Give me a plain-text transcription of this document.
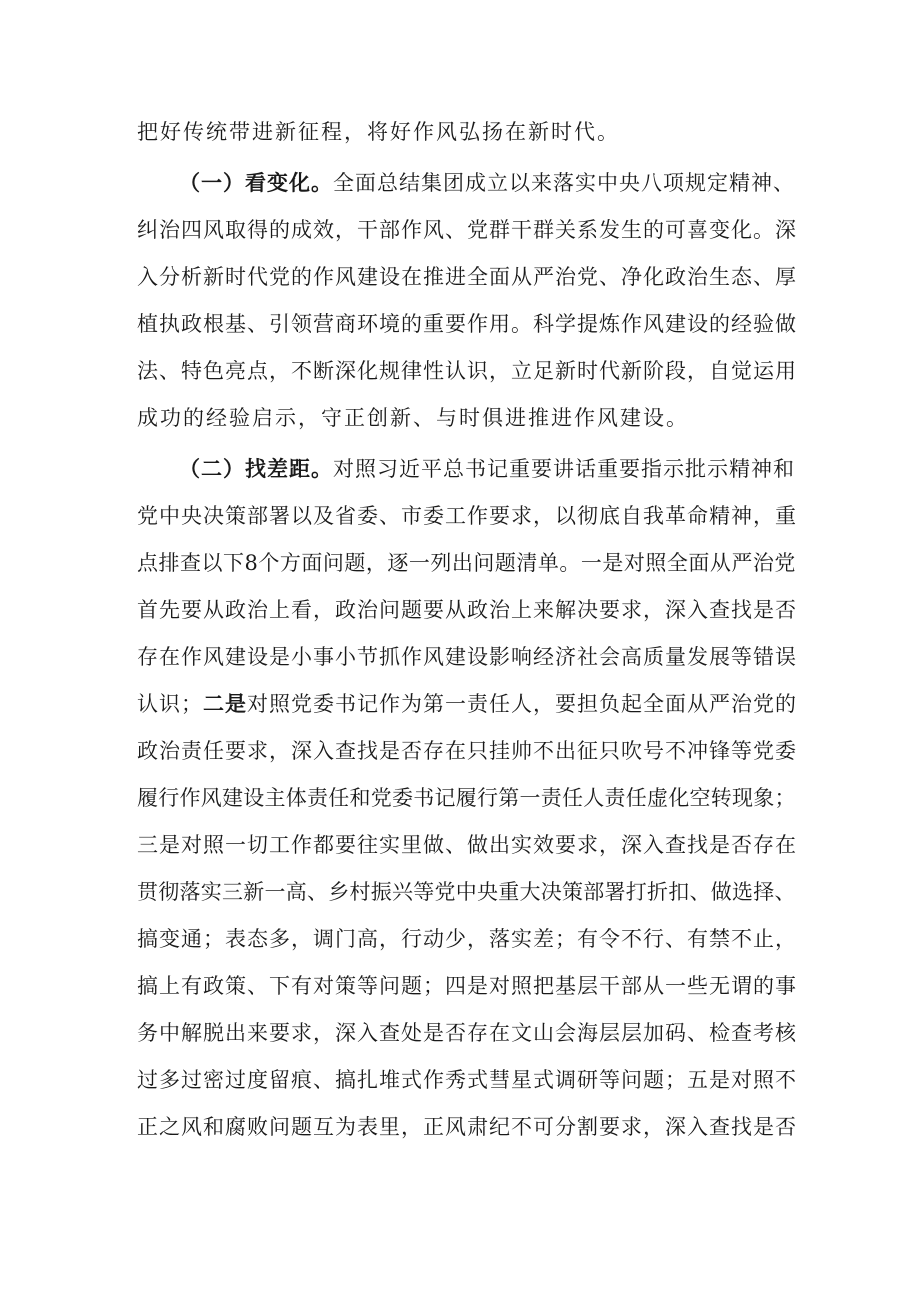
把好传统带进新征程，将好作风弘扬在新时代。
（一）看变化。全面总结集团成立以来落实中央八项规定精神、
纠治四风取得的成效，干部作风、党群干群关系发生的可喜变化。深
入分析新时代党的作风建设在推进全面从严治党、净化政治生态、厚
植执政根基、引领营商环境的重要作用。科学提炼作风建设的经验做
法、特色亮点，不断深化规律性认识，立足新时代新阶段，自觉运用
成功的经验启示，守正创新、与时俱进推进作风建设。
（二）找差距。对照习近平总书记重要讲话重要指示批示精神和
党中央决策部署以及省委、市委工作要求，以彻底自我革命精神，重
点排查以下8个方面问题，逐一列出问题清单。一是对照全面从严治党
首先要从政治上看，政治问题要从政治上来解决要求，深入查找是否
存在作风建设是小事小节抓作风建设影响经济社会高质量发展等错误
认识；二是对照党委书记作为第一责任人，要担负起全面从严治党的
政治责任要求，深入查找是否存在只挂帅不出征只吹号不冲锋等党委
履行作风建设主体责任和党委书记履行第一责任人责任虚化空转现象；
三是对照一切工作都要往实里做、做出实效要求，深入查找是否存在
贯彻落实三新一高、乡村振兴等党中央重大决策部署打折扣、做选择、
搞变通；表态多，调门高，行动少，落实差；有令不行、有禁不止，
搞上有政策、下有对策等问题；四是对照把基层干部从一些无谓的事
务中解脱出来要求，深入查处是否存在文山会海层层加码、检查考核
过多过密过度留痕、搞扎堆式作秀式彗星式调研等问题；五是对照不
正之风和腐败问题互为表里，正风肃纪不可分割要求，深入查找是否
